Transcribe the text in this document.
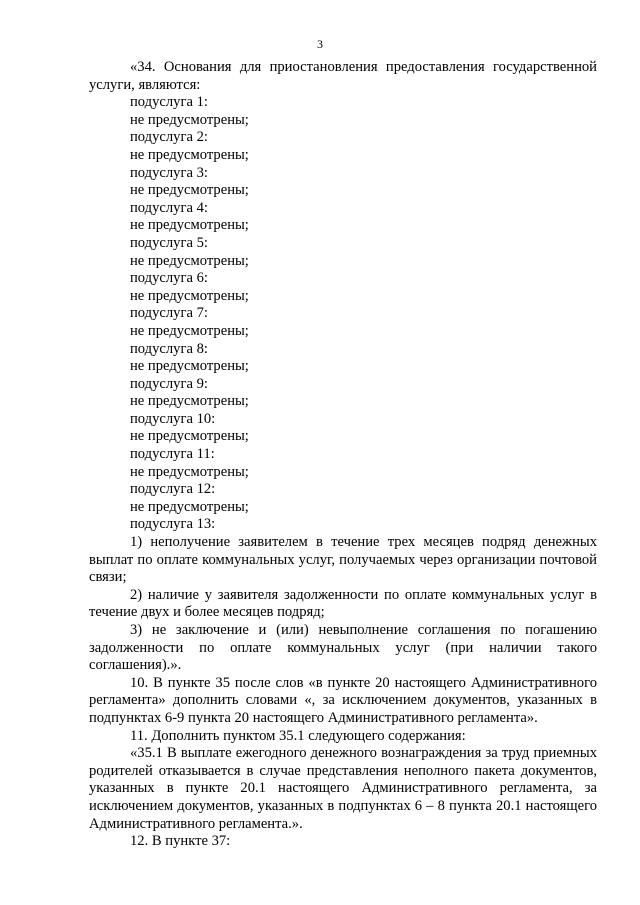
3

«34. Основания для приостановления предоставления государственной услуги, являются:

подуслуга 1:
не предусмотрены;
подуслуга 2:
не предусмотрены;
подуслуга 3:
не предусмотрены;
подуслуга 4:
не предусмотрены;
подуслуга 5:
не предусмотрены;
подуслуга 6:
не предусмотрены;
подуслуга 7:
не предусмотрены;
подуслуга 8:
не предусмотрены;
подуслуга 9:
не предусмотрены;
подуслуга 10:
не предусмотрены;
подуслуга 11:
не предусмотрены;
подуслуга 12:
не предусмотрены;
подуслуга 13:

1) неполучение заявителем в течение трех месяцев подряд денежных выплат по оплате коммунальных услуг, получаемых через организации почтовой связи;

2) наличие у заявителя задолженности по оплате коммунальных услуг в течение двух и более месяцев подряд;

3) не заключение и (или) невыполнение соглашения по погашению задолженности по оплате коммунальных услуг (при наличии такого соглашения).».

10. В пункте 35 после слов «в пункте 20 настоящего Административного регламента» дополнить словами «, за исключением документов, указанных в подпунктах 6-9 пункта 20 настоящего Административного регламента».

11. Дополнить пунктом 35.1 следующего содержания:

«35.1 В выплате ежегодного денежного вознаграждения за труд приемных родителей отказывается в случае представления неполного пакета документов, указанных в пункте 20.1 настоящего Административного регламента, за исключением документов, указанных в подпунктах 6 – 8 пункта 20.1 настоящего Административного регламента.».

12. В пункте 37:
